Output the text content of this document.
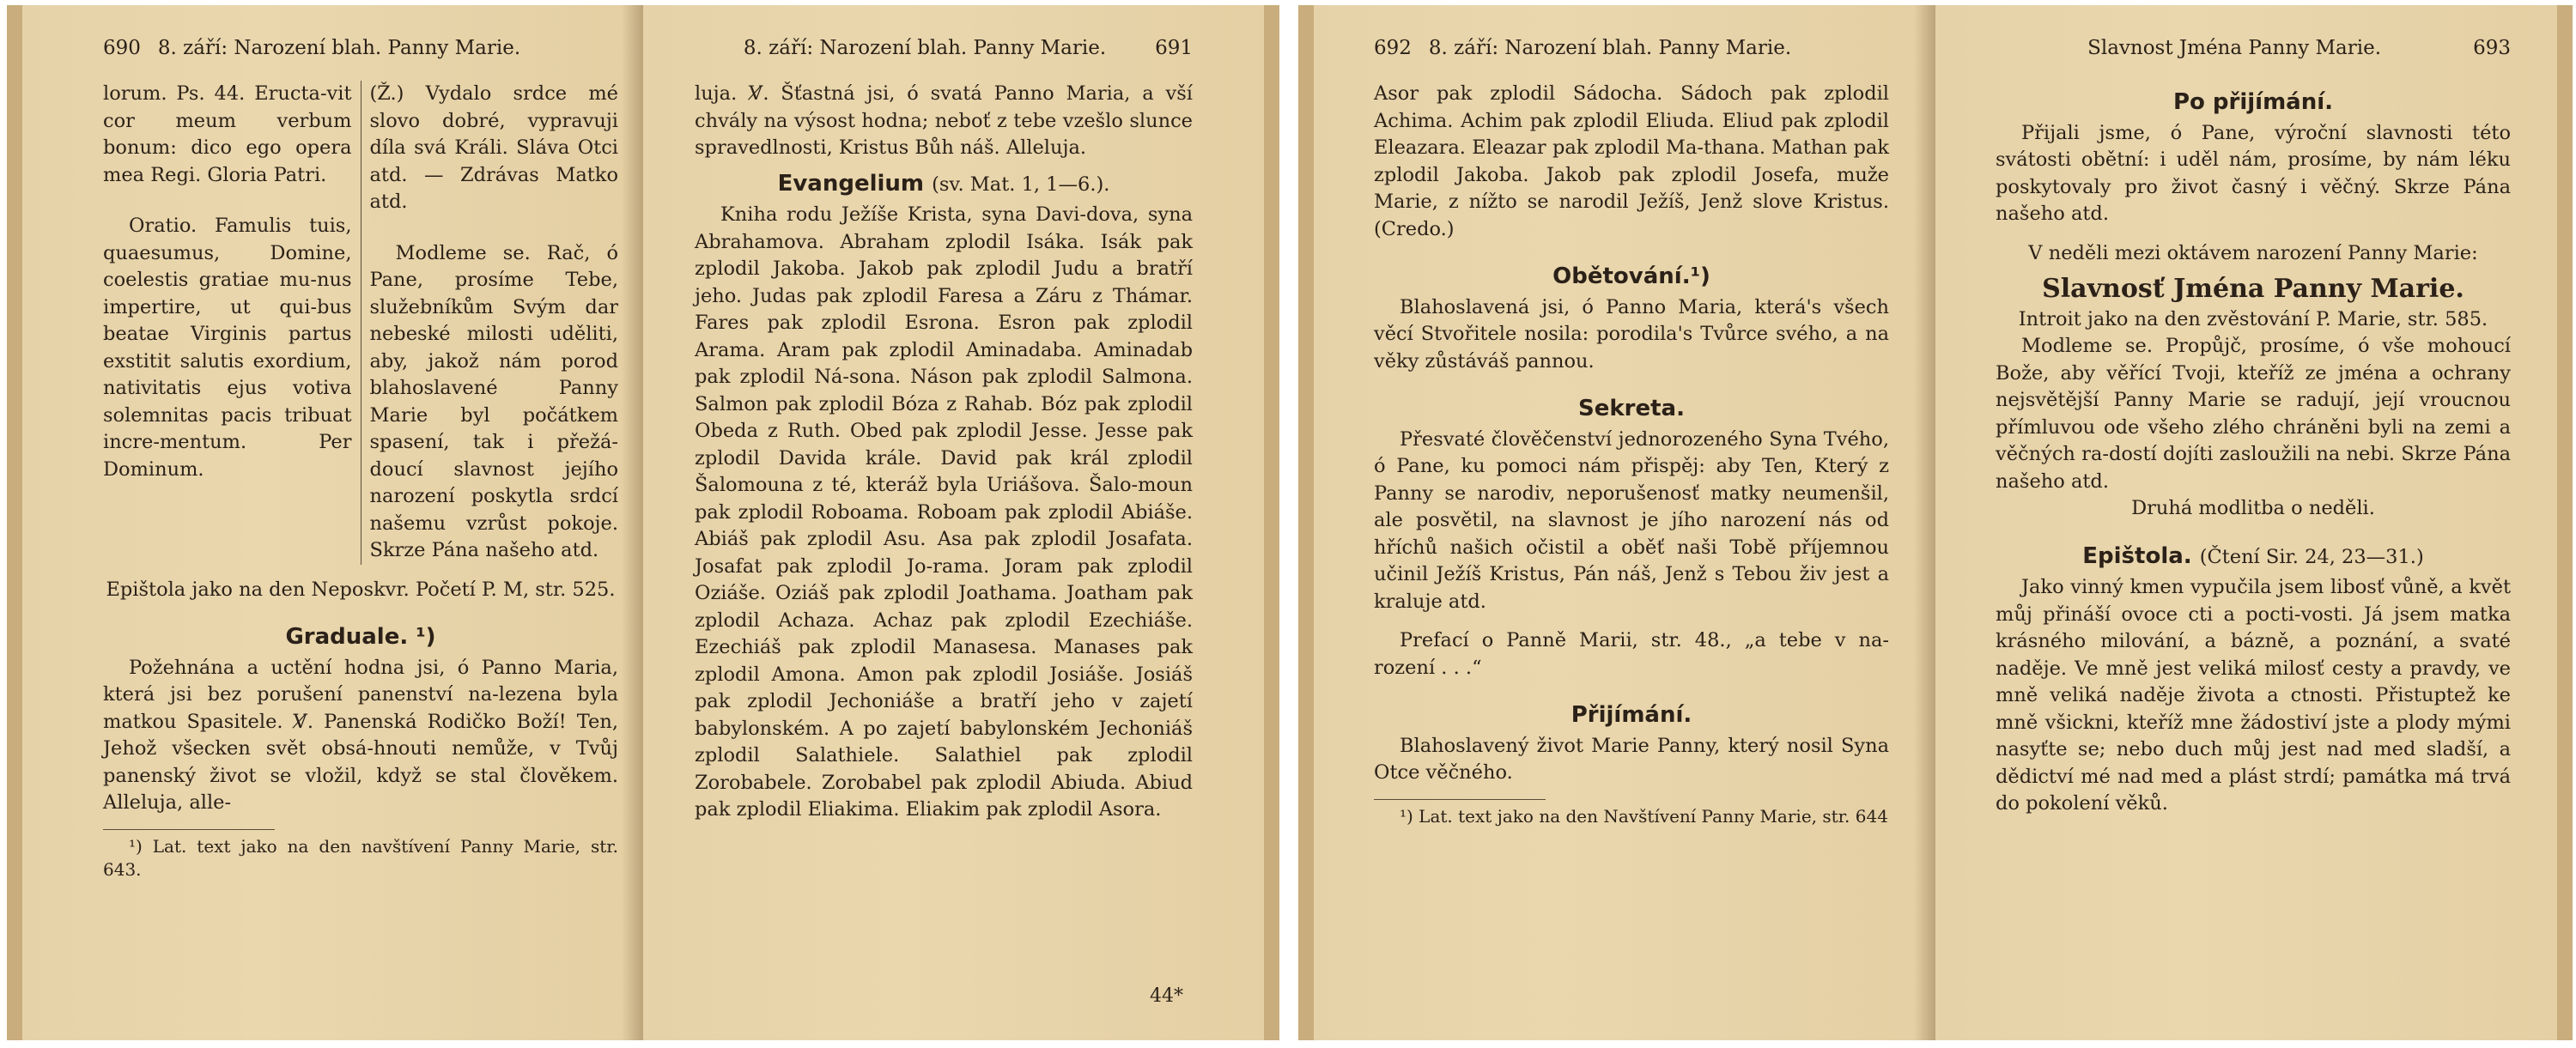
690 8. září: Narození blah. Panny Marie.

lorum. Ps. 44. Eructa-vit cor meum verbum bonum: dico ego opera mea Regi. Gloria Patri.

Oratio. Famulis tuis, quaesumus, Domine, coelestis gratiae mu-nus impertire, ut qui-bus beatae Virginis partus exstitit salutis exordium, nativitatis ejus votiva solemnitas pacis tribuat incre-mentum. Per Dominum.

(Ž.) Vydalo srdce mé slovo dobré, vypravuji díla svá Králi. Sláva Otci atd. — Zdrávas Matko atd.

Modleme se. Rač, ó Pane, prosíme Tebe, služebníkům Svým dar nebeské milosti uděliti, aby, jakož nám porod blahoslavené Panny Marie byl počátkem spasení, tak i přežá-doucí slavnost jejího narození poskytla srdcí našemu vzrůst pokoje. Skrze Pána našeho atd.

Epištola jako na den Neposkvr. Početí P. M, str. 525.

Graduale. ¹)

Požehnána a uctění hodna jsi, ó Panno Maria, která jsi bez porušení panenství na-lezena byla matkou Spasitele. V̸. Panenská Rodičko Boží! Ten, Jehož všecken svět obsá-hnouti nemůže, v Tvůj panenský život se vložil, když se stal člověkem. Alleluja, alle-

¹) Lat. text jako na den navštívení Panny Marie, str. 643.

8. září: Narození blah. Panny Marie.	691

luja. V̸. Šťastná jsi, ó svatá Panno Maria, a vší chvály na výsost hodna; neboť z tebe vzešlo slunce spravedlnosti, Kristus Bůh náš. Alleluja.

Evangelium (sv. Mat. 1, 1—6.).

Kniha rodu Ježíše Krista, syna Davi-dova, syna Abrahamova. Abraham zplodil Isáka. Isák pak zplodil Jakoba. Jakob pak zplodil Judu a bratří jeho. Judas pak zplodil Faresa a Záru z Thámar. Fares pak zplodil Esrona. Esron pak zplodil Arama. Aram pak zplodil Aminadaba. Aminadab pak zplodil Ná-sona. Náson pak zplodil Salmona. Salmon pak zplodil Bóza z Rahab. Bóz pak zplodil Obeda z Ruth. Obed pak zplodil Jesse. Jesse pak zplodil Davida krále. David pak král zplodil Šalomouna z té, kteráž byla Uriášova. Šalo-moun pak zplodil Roboama. Roboam pak zplodil Abiáše. Abiáš pak zplodil Asu. Asa pak zplodil Josafata. Josafat pak zplodil Jo-rama. Joram pak zplodil Oziáše. Oziáš pak zplodil Joathama. Joatham pak zplodil Achaza. Achaz pak zplodil Ezechiáše. Ezechiáš pak zplodil Manasesa. Manases pak zplodil Amona. Amon pak zplodil Josiáše. Josiáš pak zplodil Jechoniáše a bratří jeho v zajetí babylonském. A po zajetí babylonském Jechoniáš zplodil Salathiele. Salathiel pak zplodil Zorobabele. Zorobabel pak zplodil Abiuda. Abiud pak zplodil Eliakima. Eliakim pak zplodil Asora.

44*
692 8. září: Narození blah. Panny Marie.

Asor pak zplodil Sádocha. Sádoch pak zplodil Achima. Achim pak zplodil Eliuda. Eliud pak zplodil Eleazara. Eleazar pak zplodil Ma-thana. Mathan pak zplodil Jakoba. Jakob pak zplodil Josefa, muže Marie, z nížto se narodil Ježíš, Jenž slove Kristus. (Credo.)

Obětování.¹)

Blahoslavená jsi, ó Panno Maria, která's všech věcí Stvořitele nosila: porodila's Tvůrce svého, a na věky zůstáváš pannou.

Sekreta.

Přesvaté člověčenství jednorozeného Syna Tvého, ó Pane, ku pomoci nám přispěj: aby Ten, Který z Panny se narodiv, neporušenosť matky neumenšil, ale posvětil, na slavnost je jího narození nás od hříchů našich očistil a oběť naši Tobě příjemnou učinil Ježíš Kristus, Pán náš, Jenž s Tebou živ jest a kraluje atd.

Prefací o Panně Marii, str. 48., „a tebe v na-rození . . .“

Přijímání.

Blahoslavený život Marie Panny, který nosil Syna Otce věčného.

¹) Lat. text jako na den Navštívení Panny Marie, str. 644

Slavnost Jména Panny Marie.	693
Po přijímání.

Přijali jsme, ó Pane, výroční slavnosti této svátosti obětní: i uděl nám, prosíme, by nám léku poskytovaly pro život časný i věčný. Skrze Pána našeho atd.

V neděli mezi oktávem narození Panny Marie:

Slavnosť Jména Panny Marie.

Introit jako na den zvěstování P. Marie, str. 585.

Modleme se. Propůjč, prosíme, ó vše mohoucí Bože, aby věřící Tvoji, kteříž ze jména a ochrany nejsvětější Panny Marie se radují, její vroucnou přímluvou ode všeho zlého chráněni byli na zemi a věčných ra-dostí dojíti zasloužili na nebi. Skrze Pána našeho atd.

Druhá modlitba o neděli.

Epištola. (Čtení Sir. 24, 23—31.)

Jako vinný kmen vypučila jsem libosť vůně, a květ můj přináší ovoce cti a pocti-vosti. Já jsem matka krásného milování, a bázně, a poznání, a svaté naděje. Ve mně jest veliká milosť cesty a pravdy, ve mně veliká naděje života a ctnosti. Přistuptež ke mně všickni, kteříž mne žádostiví jste a plody mými nasyťte se; nebo duch můj jest nad med sladší, a dědictví mé nad med a plást strdí; památka má trvá do pokolení věků.
